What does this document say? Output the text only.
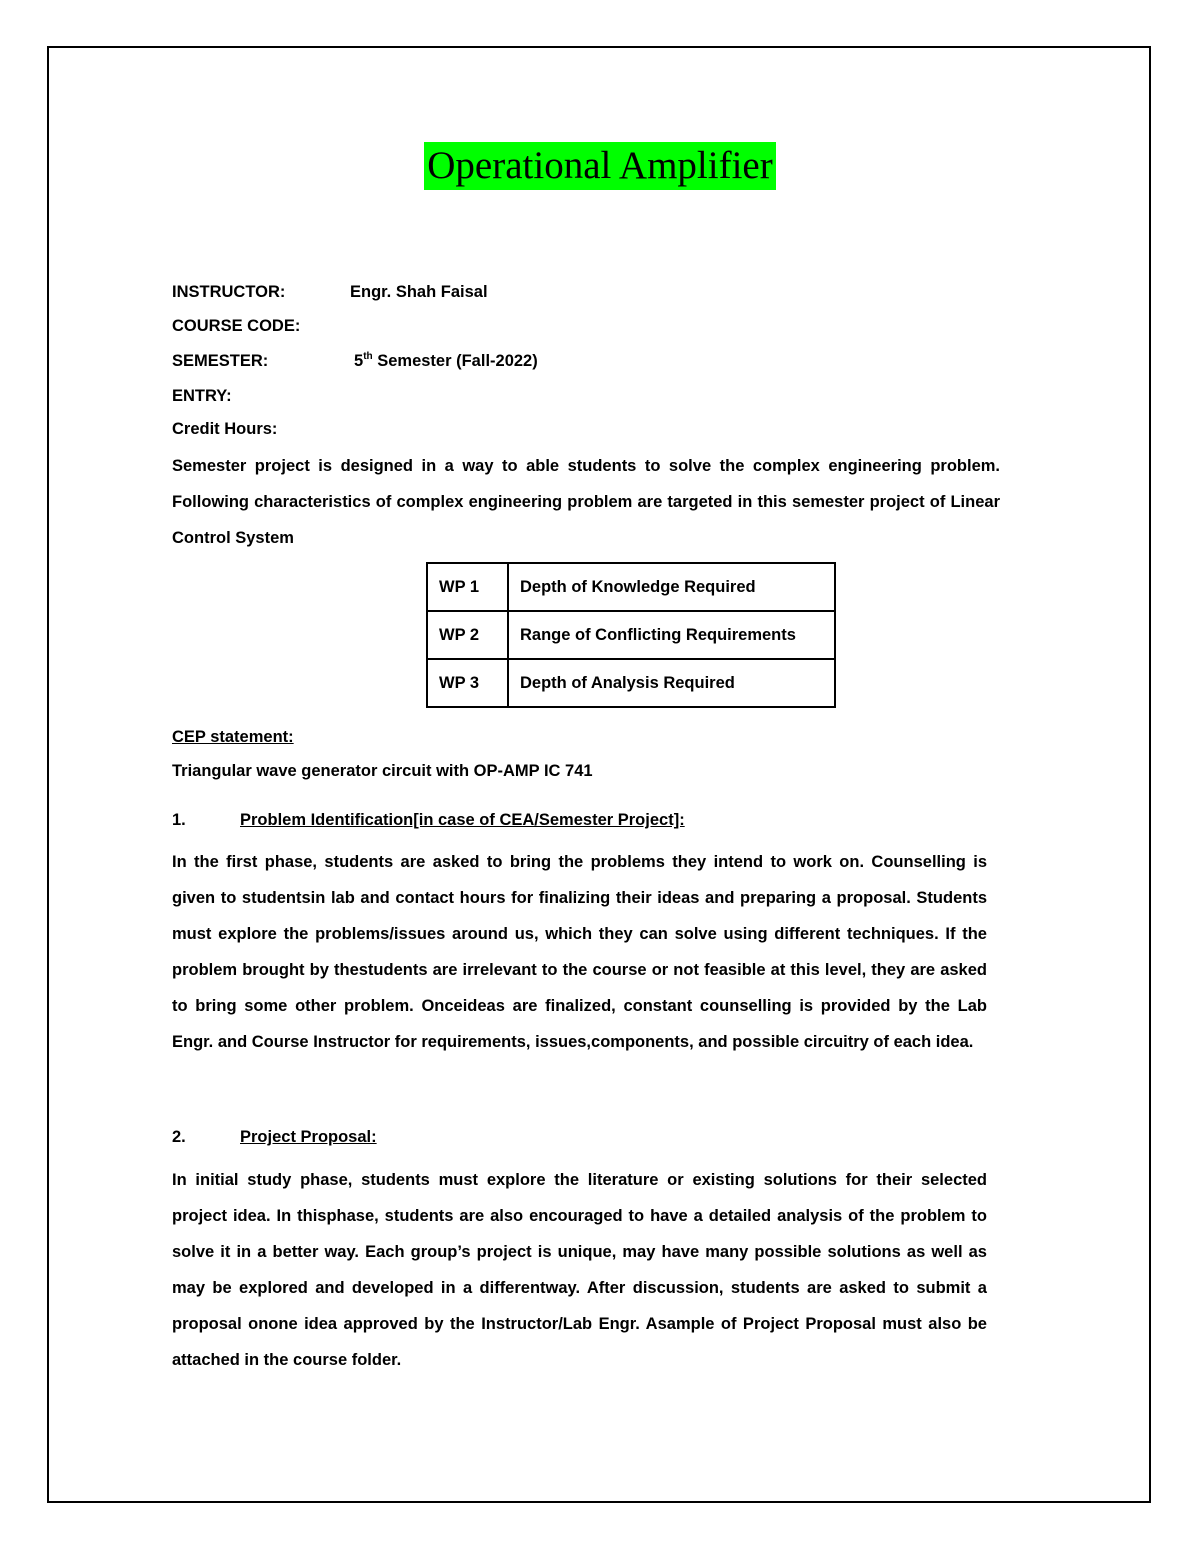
Operational Amplifier
INSTRUCTOR:	Engr. Shah Faisal
COURSE CODE:
SEMESTER:	5th Semester (Fall-2022)
ENTRY:
Credit Hours:
Semester project is designed in a way to able students to solve the complex engineering problem. Following characteristics of complex engineering problem are targeted in this semester project of Linear Control System
WP 1	Depth of Knowledge Required
WP 2	Range of Conflicting Requirements
WP 3	Depth of Analysis Required
CEP statement:
Triangular wave generator circuit with OP-AMP IC 741
1.	Problem Identification[in case of CEA/Semester Project]:
In the first phase, students are asked to bring the problems they intend to work on. Counselling is given to studentsin lab and contact hours for finalizing their ideas and preparing a proposal. Students must explore the problems/issues around us, which they can solve using different techniques. If the problem brought by thestudents are irrelevant to the course or not feasible at this level, they are asked to bring some other problem. Onceideas are finalized, constant counselling is provided by the Lab Engr. and Course Instructor for requirements, issues,components, and possible circuitry of each idea.
2.	Project Proposal:
In initial study phase, students must explore the literature or existing solutions for their selected project idea. In thisphase, students are also encouraged to have a detailed analysis of the problem to solve it in a better way. Each group’s project is unique, may have many possible solutions as well as may be explored and developed in a differentway. After discussion, students are asked to submit a proposal onone idea approved by the Instructor/Lab Engr. Asample of Project Proposal must also be attached in the course folder.
